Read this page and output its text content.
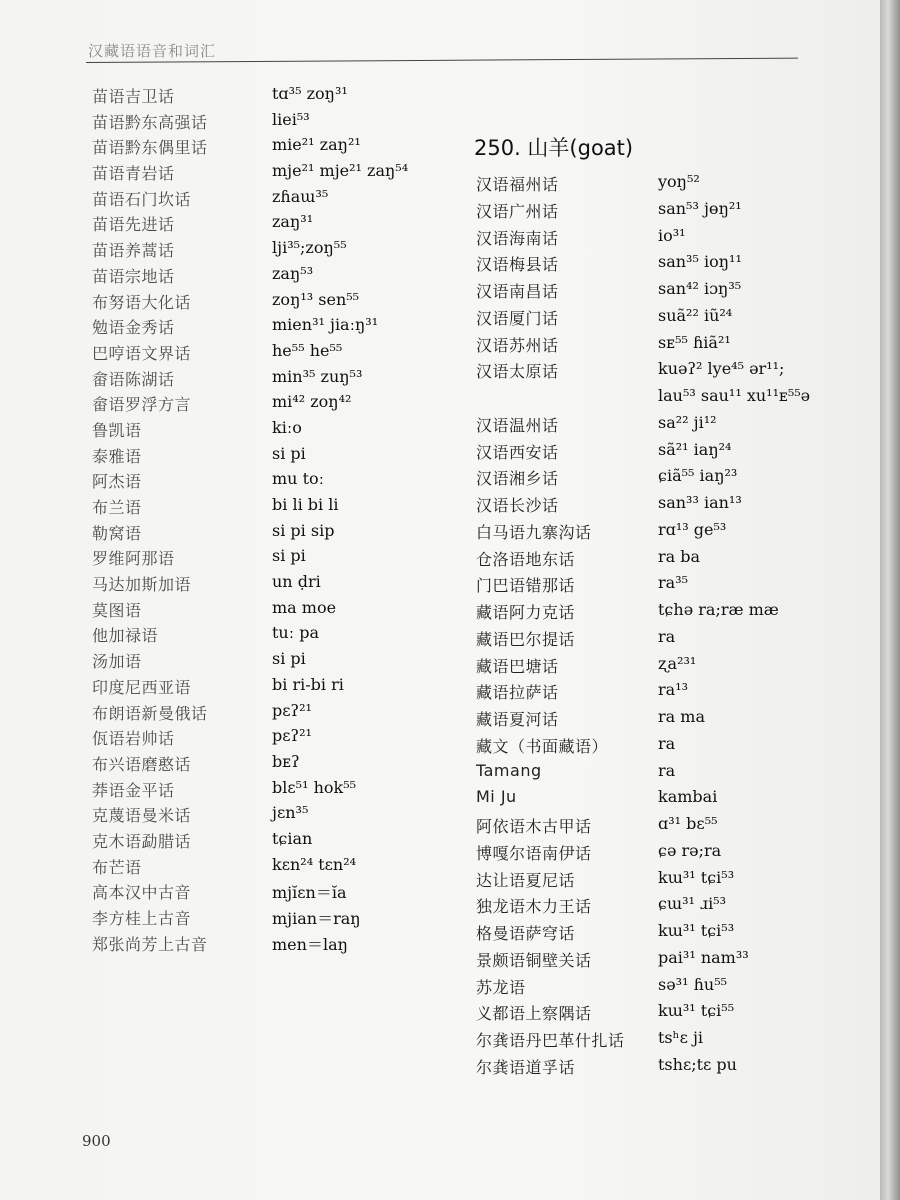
汉藏语语音和词汇
苗语吉卫话	tɑ³⁵ zoŋ³¹
苗语黔东高强话	liei⁵³
苗语黔东偶里话	mie²¹ zaŋ²¹
苗语青岩话	mje²¹ mje²¹ zaŋ⁵⁴
苗语石门坎话	zɦaɯ³⁵
苗语先进话	zaŋ³¹
苗语养蒿话	lji³⁵;zoŋ⁵⁵
苗语宗地话	zaŋ⁵³
布努语大化话	zoŋ¹³ sen⁵⁵
勉语金秀话	mien³¹ jiaːŋ³¹
巴哼语文界话	he⁵⁵ he⁵⁵
畲语陈湖话	min³⁵ zuŋ⁵³
畲语罗浮方言	mi⁴² zoŋ⁴²
鲁凯语	kiːo
泰雅语	si pi
阿杰语	mu toː
布兰语	bi li bi li
勒窝语	si pi sip
罗维阿那语	si pi
马达加斯加语	un ḍri
莫图语	ma moe
他加禄语	tuː pa
汤加语	si pi
印度尼西亚语	bi ri-bi ri
布朗语新曼俄话	pɛʔ²¹
佤语岩帅话	pɛʔ²¹
布兴语磨憨话	bᴇʔ
莽语金平话	blɛ⁵¹ hok⁵⁵
克蔑语曼米话	jɛn³⁵
克木语勐腊话	tɕian
布芒语	kɛn²⁴ tɛn²⁴
高本汉中古音	mjĭɛn＝ĭa
李方桂上古音	mjian＝raŋ
郑张尚芳上古音	men＝laŋ
250. 山羊(goat)
汉语福州话	yoŋ⁵²
汉语广州话	san⁵³ jɵŋ²¹
汉语海南话	io³¹
汉语梅县话	san³⁵ ioŋ¹¹
汉语南昌话	san⁴² iɔŋ³⁵
汉语厦门话	suã²² iũ²⁴
汉语苏州话	sᴇ⁵⁵ ɦiã²¹
汉语太原话	kuəʔ² lye⁴⁵ ər¹¹;
lau⁵³ sau¹¹ xu¹¹ᴇ⁵⁵ə
汉语温州话	sa²² ji¹²
汉语西安话	sã²¹ iaŋ²⁴
汉语湘乡话	ɕiã⁵⁵ iaŋ²³
汉语长沙话	san³³ ian¹³
白马语九寨沟话	rɑ¹³ ge⁵³
仓洛语地东话	ra ba
门巴语错那话	ra³⁵
藏语阿力克话	tɕhə ra;ræ mæ
藏语巴尔提话	ra
藏语巴塘话	ʐa²³¹
藏语拉萨话	ra¹³
藏语夏河话	ra ma
藏文（书面藏语）	ra
Tamang	ra
Mi Ju	kambai
阿依语木古甲话	ɑ³¹ bɛ⁵⁵
博嘎尔语南伊话	ɕə rə;ra
达让语夏尼话	kɯ³¹ tɕi⁵³
独龙语木力王话	ɕɯ³¹ ɹi⁵³
格曼语萨穹话	kɯ³¹ tɕi⁵³
景颇语铜壁关话	pai³¹ nam³³
苏龙语	sə³¹ ɦu⁵⁵
义都语上察隅话	kɯ³¹ tɕi⁵⁵
尔龚语丹巴革什扎话 tsʰɛ ji
尔龚语道孚话	tshɛ;tɛ pu
900
